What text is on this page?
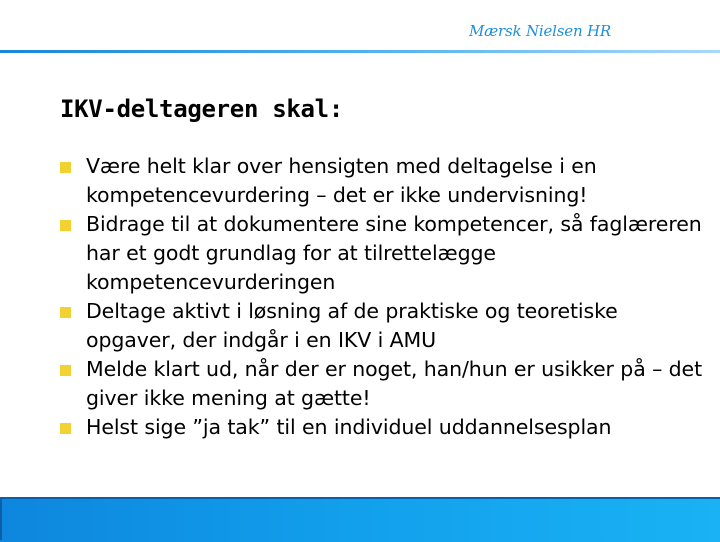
Mærsk Nielsen HR
IKV-deltageren skal:
Være helt klar over hensigten med deltagelse i en kompetencevurdering – det er ikke undervisning!
Bidrage til at dokumentere sine kompetencer, så faglæreren har et godt grundlag for at tilrettelægge kompetencevurderingen
Deltage aktivt i løsning af de praktiske og teoretiske opgaver, der indgår i en IKV i AMU
Melde klart ud, når der er noget, han/hun er usikker på – det giver ikke mening at gætte!
Helst sige ”ja tak” til en individuel uddannelsesplan
